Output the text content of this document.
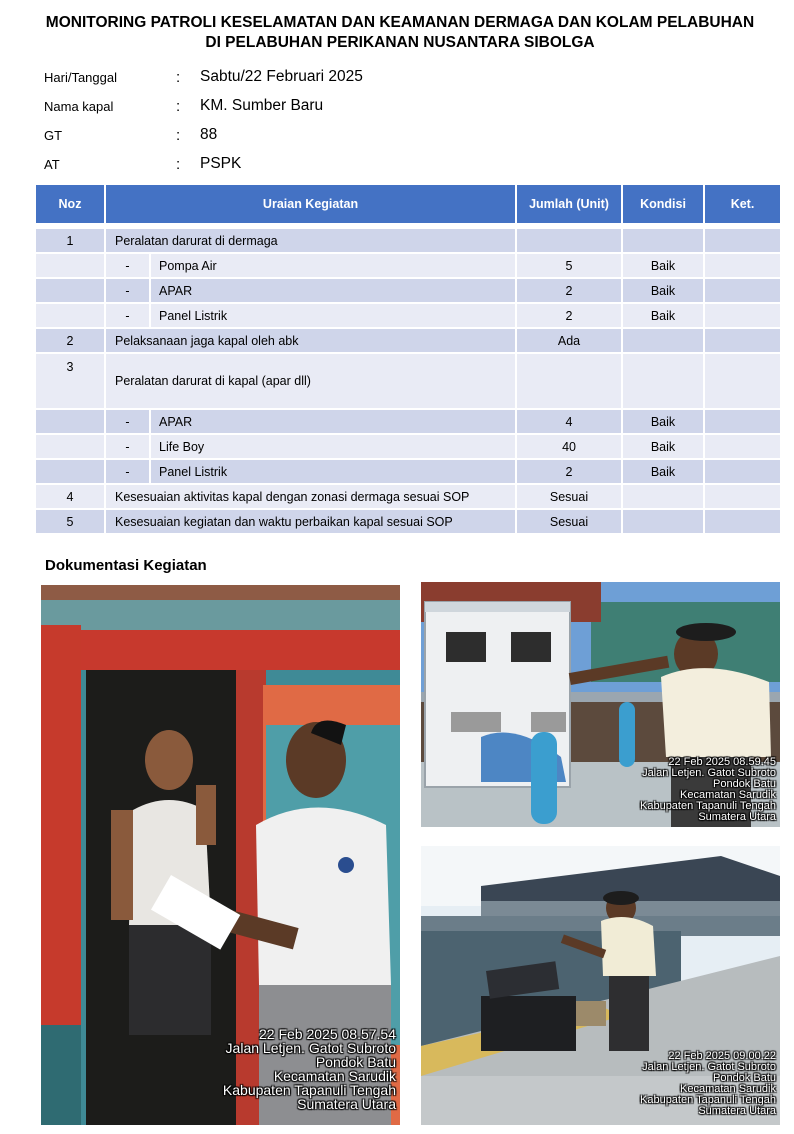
MONITORING PATROLI KESELAMATAN DAN KEAMANAN DERMAGA DAN KOLAM PELABUHAN
DI PELABUHAN PERIKANAN NUSANTARA SIBOLGA
Hari/Tanggal	: Sabtu/22 Februari 2025
Nama kapal	: KM. Sumber Baru
GT	: 88
AT	: PSPK
Noz	Uraian Kegiatan		Jumlah (Unit)	Kondisi	Ket.

1	Peralatan darurat di dermaga				
	-	Pompa Air	5	Baik	
	-	APAR	2	Baik	
	-	Panel Listrik	2	Baik	
2	Pelaksanaan jaga kapal oleh abk		Ada		
3	Peralatan darurat di kapal (apar dll)				
	-	APAR	4	Baik	
	-	Life Boy	40	Baik	
	-	Panel Listrik	2	Baik	
4	Kesesuaian aktivitas kapal dengan zonasi dermaga sesuai SOP		Sesuai		
5	Kesesuaian kegiatan dan waktu perbaikan kapal sesuai SOP		Sesuai		
Dokumentasi Kegiatan
22 Feb 2025 08.57.54
Jalan Letjen. Gatot Subroto
Pondok Batu
Kecamatan Sarudik
Kabupaten Tapanuli Tengah
Sumatera Utara
22 Feb 2025 08.59.45
Jalan Letjen. Gatot Subroto
Pondok Batu
Kecamatan Sarudik
Kabupaten Tapanuli Tengah
Sumatera Utara
22 Feb 2025 09.00.22
Jalan Letjen. Gatot Subroto
Pondok Batu
Kecamatan Sarudik
Kabupaten Tapanuli Tengah
Sumatera Utara
